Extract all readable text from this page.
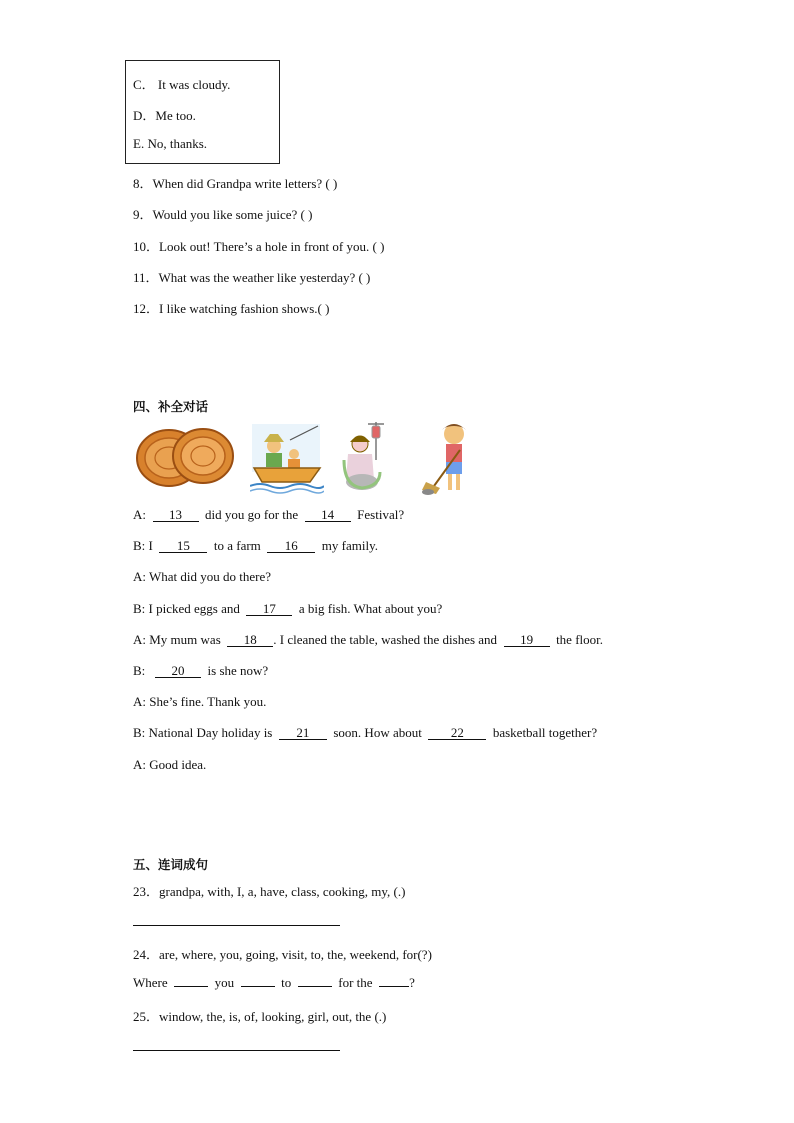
C． It was cloudy.
D．Me too.
E. No, thanks.
8．When did Grandpa write letters? ( )
9．Would you like some juice? ( )
10．Look out! There’s a hole in front of you. ( )
11．What was the weather like yesterday? ( )
12．I like watching fashion shows.( )
四、补全对话
A: 13 did you go for the 14 Festival?
B: I 15 to a farm 16 my family.
A: What did you do there?
B: I picked eggs and 17 a big fish. What about you?
A: My mum was 18 . I cleaned the table, washed the dishes and 19 the floor.
B: 20 is she now?
A: She’s fine. Thank you.
B: National Day holiday is 21 soon. How about 22 basketball together?
A: Good idea.
五、连词成句
23．grandpa, with, I, a, have, class, cooking, my, (.)
24．are, where, you, going, visit, to, the, weekend, for(?)
Where	you	to	for the	?
25．window, the, is, of, looking, girl, out, the (.)
